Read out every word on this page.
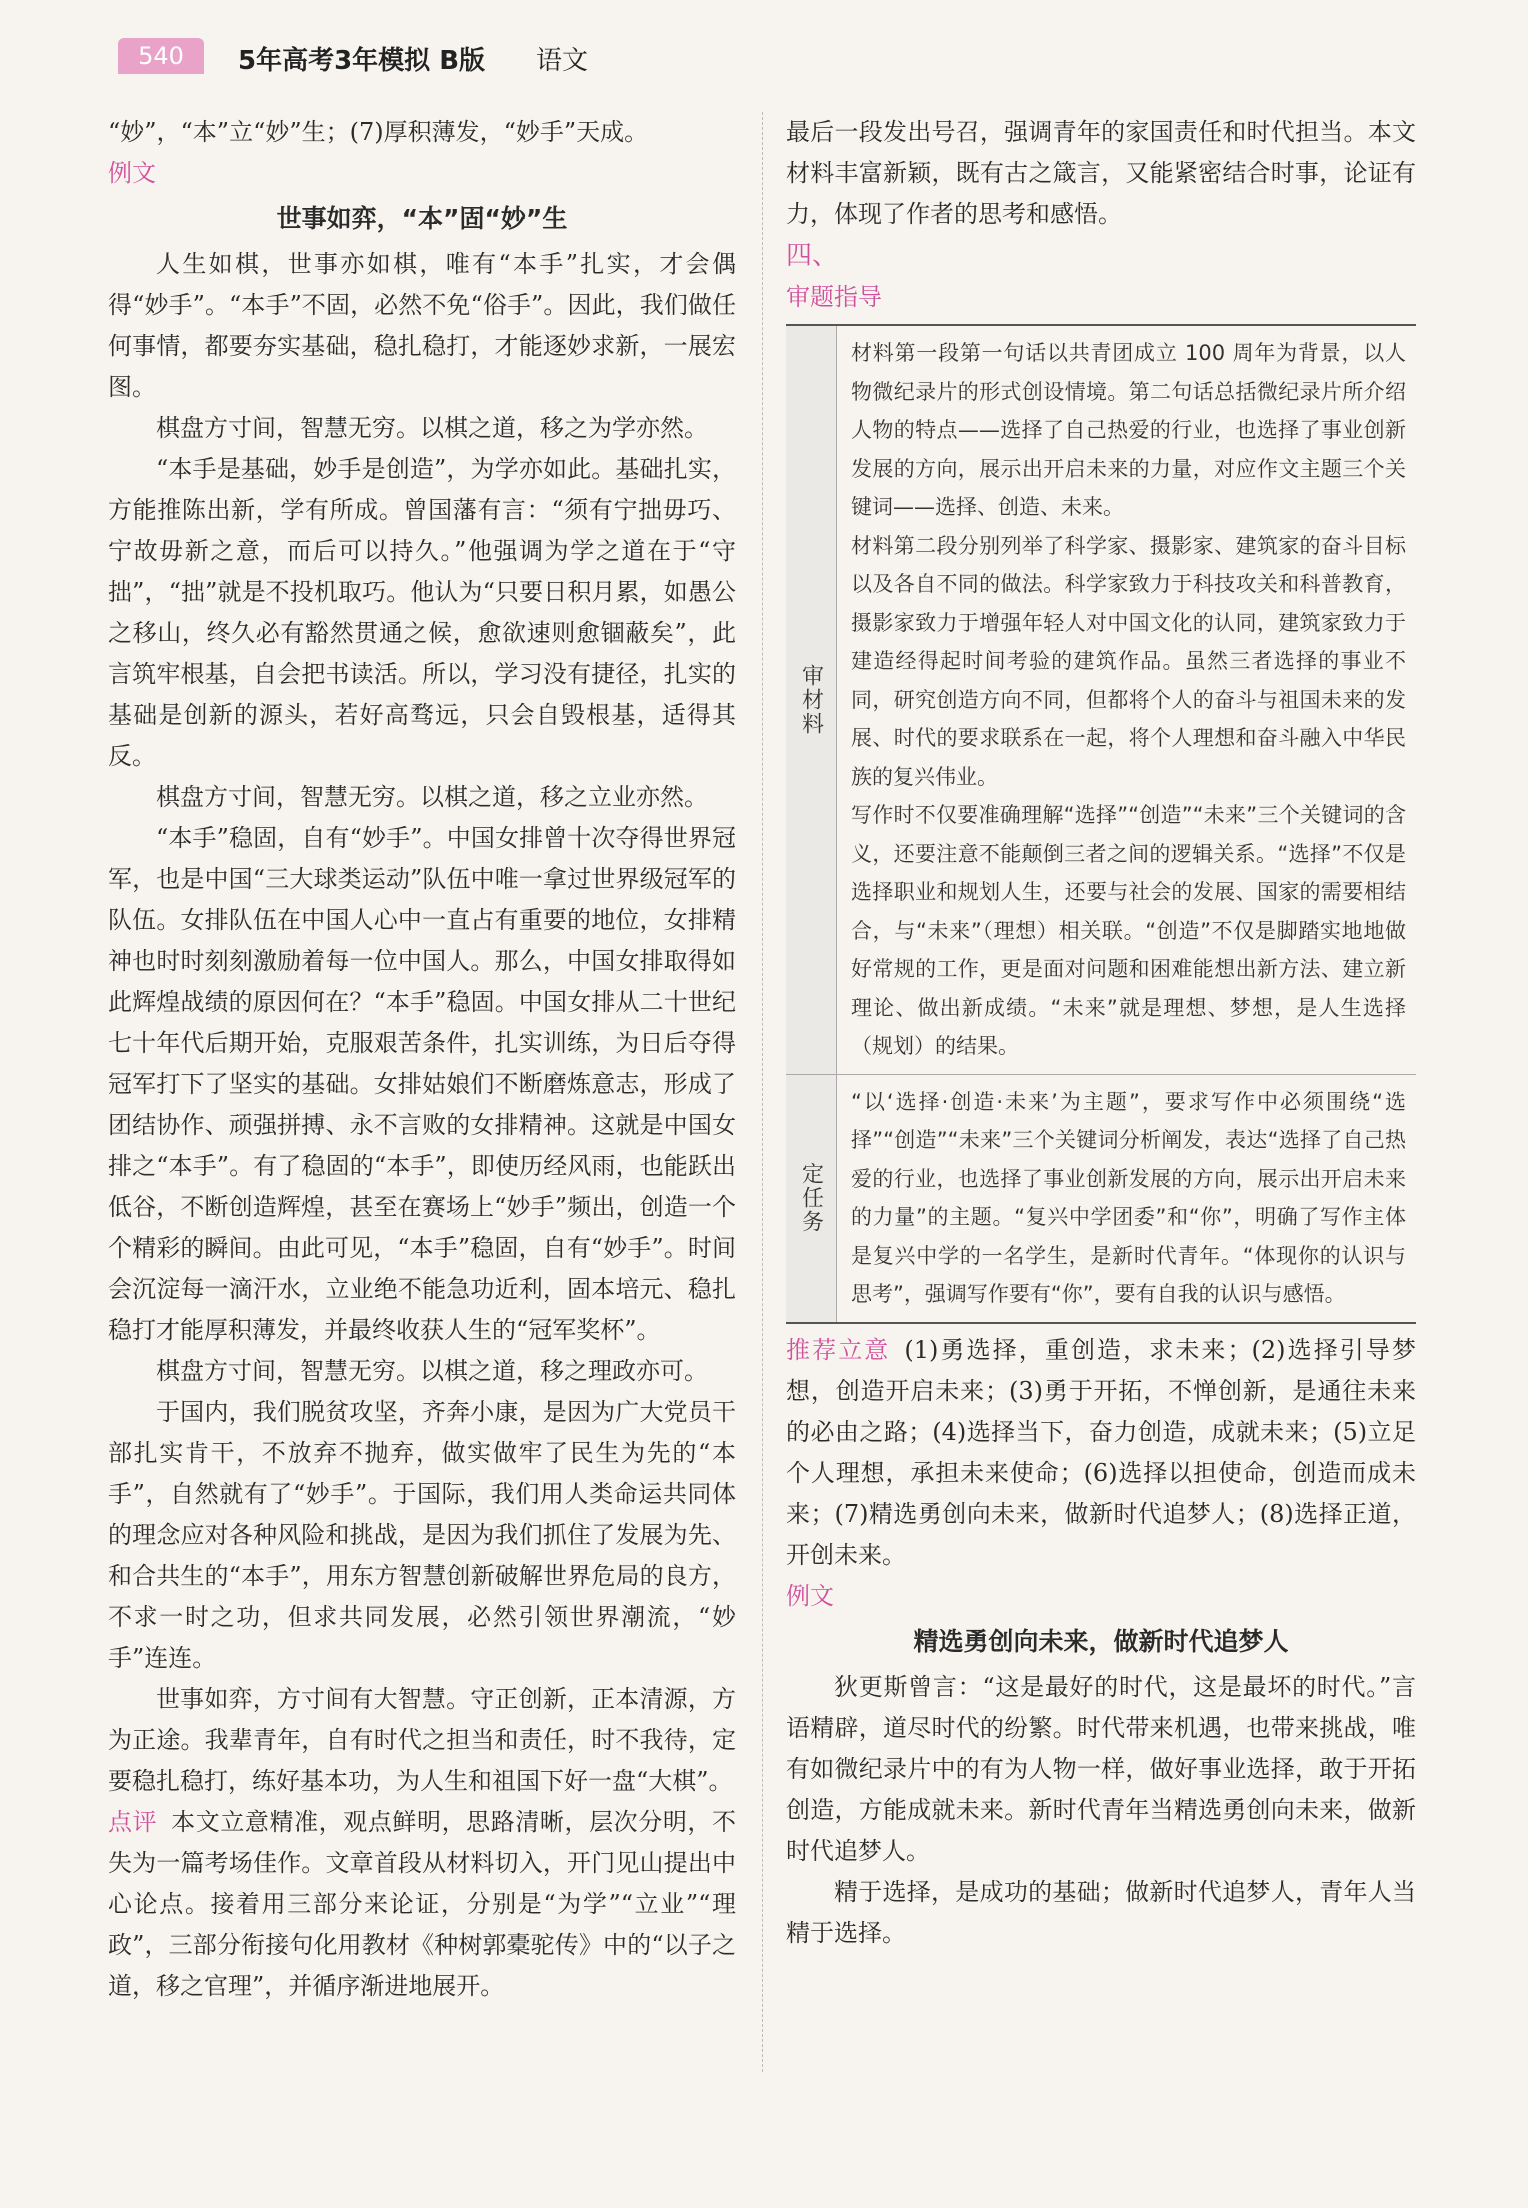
540	5年高考3年模拟 B版 语文

“妙”，“本”立“妙”生；(7)厚积薄发，“妙手”天成。

例文
世事如弈，“本”固“妙”生

人生如棋，世事亦如棋，唯有“本手”扎实，才会偶得“妙手”。“本手”不固，必然不免“俗手”。因此，我们做任何事情，都要夯实基础，稳扎稳打，才能逐妙求新，一展宏图。

棋盘方寸间，智慧无穷。以棋之道，移之为学亦然。

“本手是基础，妙手是创造”，为学亦如此。基础扎实，方能推陈出新，学有所成。曾国藩有言：“须有宁拙毋巧、宁故毋新之意，而后可以持久。”他强调为学之道在于“守拙”，“拙”就是不投机取巧。他认为“只要日积月累，如愚公之移山，终久必有豁然贯通之候，愈欲速则愈锢蔽矣”，此言筑牢根基，自会把书读活。所以，学习没有捷径，扎实的基础是创新的源头，若好高骛远，只会自毁根基，适得其反。

棋盘方寸间，智慧无穷。以棋之道，移之立业亦然。

“本手”稳固，自有“妙手”。中国女排曾十次夺得世界冠军，也是中国“三大球类运动”队伍中唯一拿过世界级冠军的队伍。女排队伍在中国人心中一直占有重要的地位，女排精神也时时刻刻激励着每一位中国人。那么，中国女排取得如此辉煌战绩的原因何在？“本手”稳固。中国女排从二十世纪七十年代后期开始，克服艰苦条件，扎实训练，为日后夺得冠军打下了坚实的基础。女排姑娘们不断磨炼意志，形成了团结协作、顽强拼搏、永不言败的女排精神。这就是中国女排之“本手”。有了稳固的“本手”，即使历经风雨，也能跃出低谷，不断创造辉煌，甚至在赛场上“妙手”频出，创造一个个精彩的瞬间。由此可见，“本手”稳固，自有“妙手”。时间会沉淀每一滴汗水，立业绝不能急功近利，固本培元、稳扎稳打才能厚积薄发，并最终收获人生的“冠军奖杯”。

棋盘方寸间，智慧无穷。以棋之道，移之理政亦可。

于国内，我们脱贫攻坚，齐奔小康，是因为广大党员干部扎实肯干，不放弃不抛弃，做实做牢了民生为先的“本手”，自然就有了“妙手”。于国际，我们用人类命运共同体的理念应对各种风险和挑战，是因为我们抓住了发展为先、和合共生的“本手”，用东方智慧创新破解世界危局的良方，不求一时之功，但求共同发展，必然引领世界潮流，“妙手”连连。

世事如弈，方寸间有大智慧。守正创新，正本清源，方为正途。我辈青年，自有时代之担当和责任，时不我待，定要稳扎稳打，练好基本功，为人生和祖国下好一盘“大棋”。

点评 本文立意精准，观点鲜明，思路清晰，层次分明，不失为一篇考场佳作。文章首段从材料切入，开门见山提出中心论点。接着用三部分来论证，分别是“为学”“立业”“理政”，三部分衔接句化用教材《种树郭橐驼传》中的“以子之道，移之官理”，并循序渐进地展开。

最后一段发出号召，强调青年的家国责任和时代担当。本文材料丰富新颖，既有古之箴言，又能紧密结合时事，论证有力，体现了作者的思考和感悟。

四、
审题指导
审材料

材料第一段第一句话以共青团成立 100 周年为背景，以人物微纪录片的形式创设情境。第二句话总括微纪录片所介绍人物的特点——选择了自己热爱的行业，也选择了事业创新发展的方向，展示出开启未来的力量，对应作文主题三个关键词——选择、创造、未来。

材料第二段分别列举了科学家、摄影家、建筑家的奋斗目标以及各自不同的做法。科学家致力于科技攻关和科普教育，摄影家致力于增强年轻人对中国文化的认同，建筑家致力于建造经得起时间考验的建筑作品。虽然三者选择的事业不同，研究创造方向不同，但都将个人的奋斗与祖国未来的发展、时代的要求联系在一起，将个人理想和奋斗融入中华民族的复兴伟业。

写作时不仅要准确理解“选择”“创造”“未来”三个关键词的含义，还要注意不能颠倒三者之间的逻辑关系。“选择”不仅是选择职业和规划人生，还要与社会的发展、国家的需要相结合，与“未来”（理想）相关联。“创造”不仅是脚踏实地地做好常规的工作，更是面对问题和困难能想出新方法、建立新理论、做出新成绩。“未来”就是理想、梦想，是人生选择（规划）的结果。

定任务

“以‘选择·创造·未来’为主题”，要求写作中必须围绕“选择”“创造”“未来”三个关键词分析阐发，表达“选择了自己热爱的行业，也选择了事业创新发展的方向，展示出开启未来的力量”的主题。“复兴中学团委”和“你”，明确了写作主体是复兴中学的一名学生，是新时代青年。“体现你的认识与思考”，强调写作要有“你”，要有自我的认识与感悟。

推荐立意 (1)勇选择，重创造，求未来；(2)选择引导梦想，创造开启未来；(3)勇于开拓，不惮创新，是通往未来的必由之路；(4)选择当下，奋力创造，成就未来；(5)立足个人理想，承担未来使命；(6)选择以担使命，创造而成未来；(7)精选勇创向未来，做新时代追梦人；(8)选择正道，开创未来。

例文
精选勇创向未来，做新时代追梦人

狄更斯曾言：“这是最好的时代，这是最坏的时代。”言语精辟，道尽时代的纷繁。时代带来机遇，也带来挑战，唯有如微纪录片中的有为人物一样，做好事业选择，敢于开拓创造，方能成就未来。新时代青年当精选勇创向未来，做新时代追梦人。

精于选择，是成功的基础；做新时代追梦人，青年人当精于选择。
